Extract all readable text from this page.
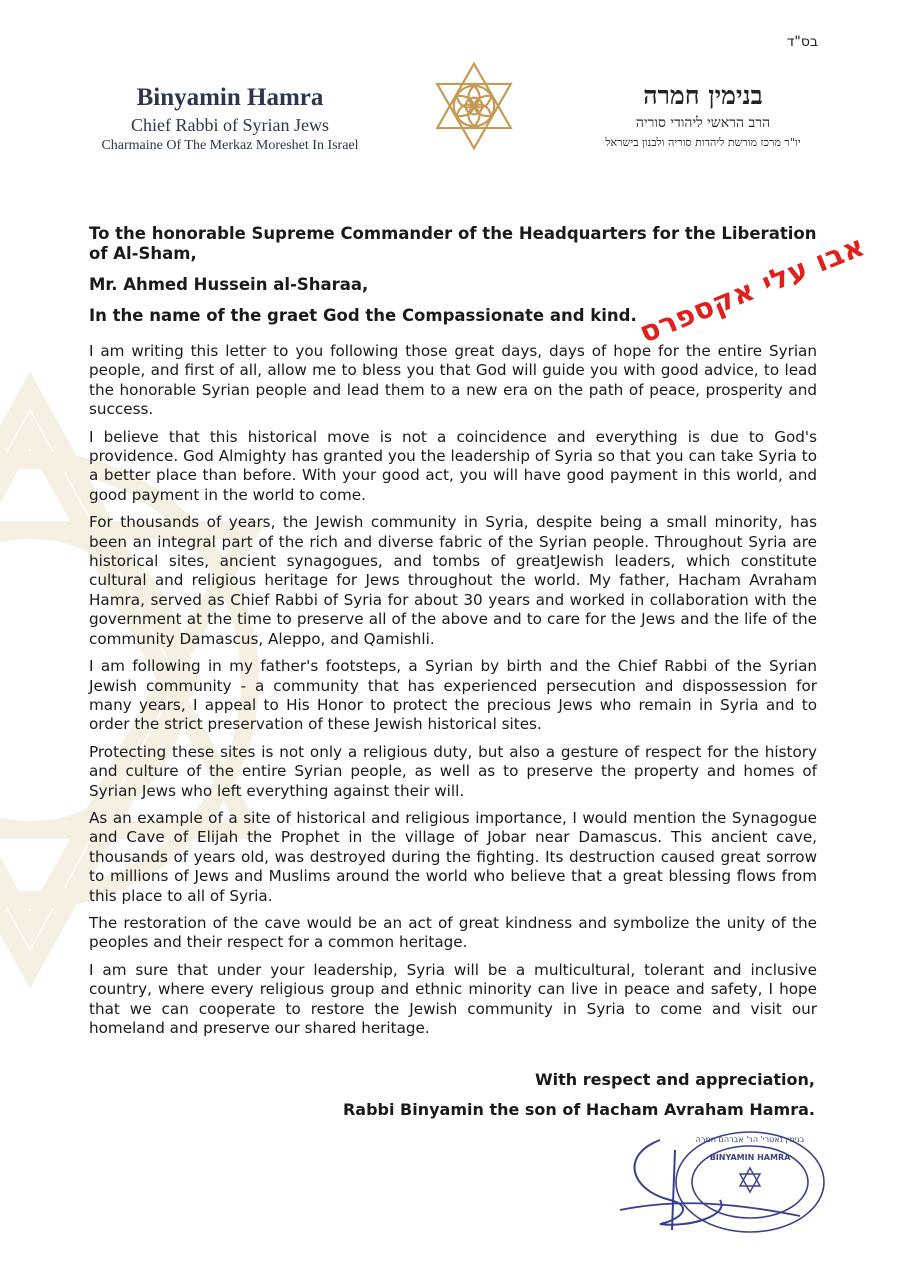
בס"ד
Binyamin Hamra
Chief Rabbi of Syrian Jews
Charmaine Of The Merkaz Moreshet In Israel
בנימין חמרה
הרב הראשי ליהודי סוריה
יו"ר מרכז מורשת ליהדות סוריה ולבנון בישראל

To the honorable Supreme Commander of the Headquarters for the Liberation of Al-Sham,

Mr. Ahmed Hussein al-Sharaa,

In the name of the graet God the Compassionate and kind.

I am writing this letter to you following those great days, days of hope for the entire Syrian people, and first of all, allow me to bless you that God will guide you with good advice, to lead the honorable Syrian people and lead them to a new era on the path of peace, prosperity and success.

I believe that this historical move is not a coincidence and everything is due to God's providence. God Almighty has granted you the leadership of Syria so that you can take Syria to a better place than before. With your good act, you will have good payment in this world, and good payment in the world to come.

For thousands of years, the Jewish community in Syria, despite being a small minority, has been an integral part of the rich and diverse fabric of the Syrian people. Throughout Syria are historical sites, ancient synagogues, and tombs of greatJewish leaders, which constitute cultural and religious heritage for Jews throughout the world. My father, Hacham Avraham Hamra, served as Chief Rabbi of Syria for about 30 years and worked in collaboration with the government at the time to preserve all of the above and to care for the Jews and the life of the community Damascus, Aleppo, and Qamishli.

I am following in my father's footsteps, a Syrian by birth and the Chief Rabbi of the Syrian Jewish community - a community that has experienced persecution and dispossession for many years, I appeal to His Honor to protect the precious Jews who remain in Syria and to order the strict preservation of these Jewish historical sites.

Protecting these sites is not only a religious duty, but also a gesture of respect for the history and culture of the entire Syrian people, as well as to preserve the property and homes of Syrian Jews who left everything against their will.

As an example of a site of historical and religious importance, I would mention the Synagogue and Cave of Elijah the Prophet in the village of Jobar near Damascus. This ancient cave, thousands of years old, was destroyed during the fighting. Its destruction caused great sorrow to millions of Jews and Muslims around the world who believe that a great blessing flows from this place to all of Syria.

The restoration of the cave would be an act of great kindness and symbolize the unity of the peoples and their respect for a common heritage.

I am sure that under your leadership, Syria will be a multicultural, tolerant and inclusive country, where every religious group and ethnic minority can live in peace and safety, I hope that we can cooperate to restore the Jewish community in Syria to come and visit our homeland and preserve our shared heritage.

With respect and appreciation,
Rabbi Binyamin the son of Hacham Avraham Hamra.
אבו עלי אקספרס
בנימין נאטרי' הר' אברהם חמרה
BINYAMIN HAMRA
